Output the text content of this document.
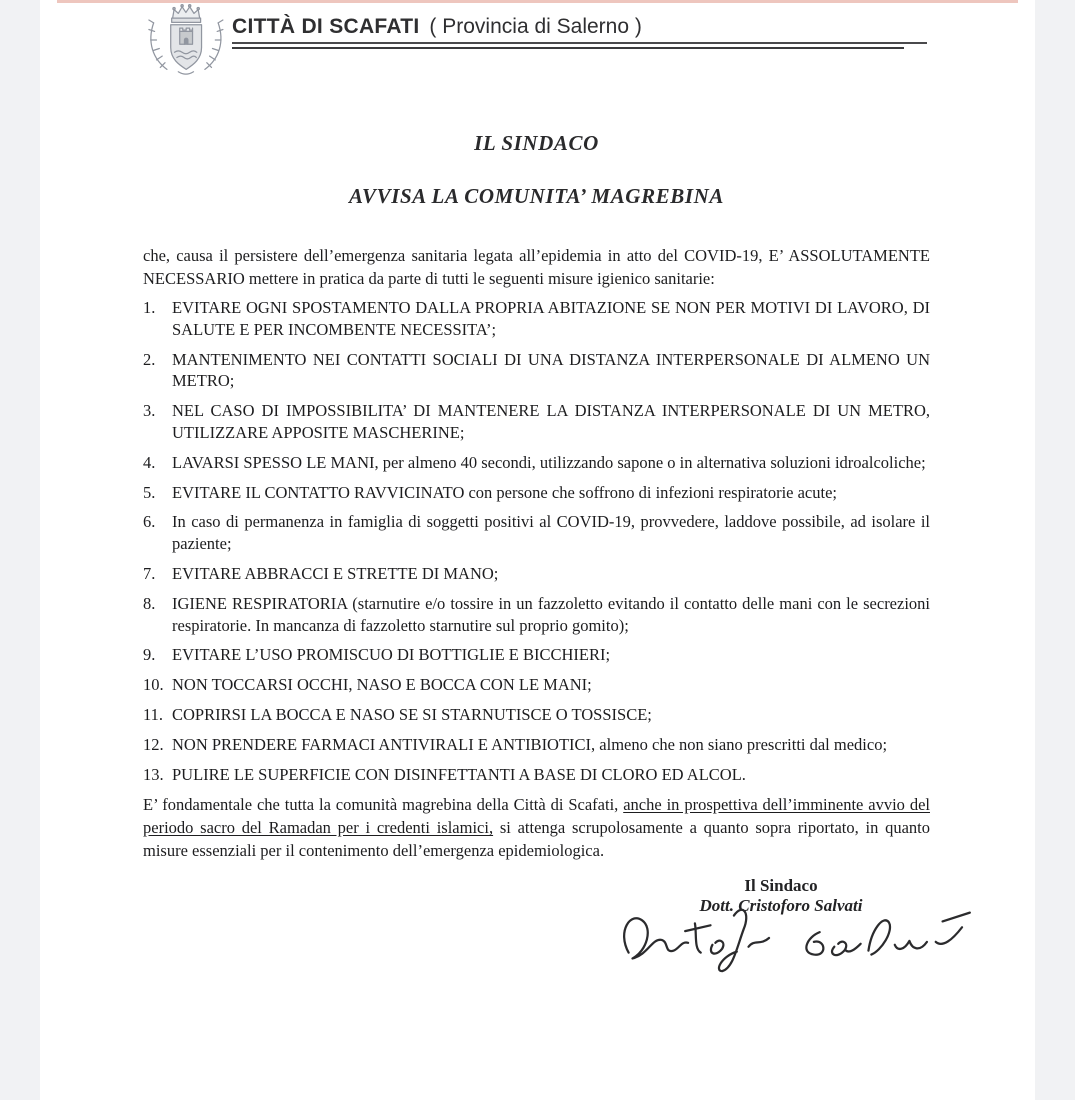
CITTÀ DI SCAFATI ( Provincia di Salerno )
IL SINDACO
AVVISA LA COMUNITA’ MAGREBINA

che, causa il persistere dell’emergenza sanitaria legata all’epidemia in atto del COVID-19, E’ ASSOLUTAMENTE NECESSARIO mettere in pratica da parte di tutti le seguenti misure igienico sanitarie:

1.	EVITARE OGNI SPOSTAMENTO DALLA PROPRIA ABITAZIONE SE NON PER MOTIVI DI LAVORO, DI SALUTE E PER INCOMBENTE NECESSITA’;
2.	MANTENIMENTO NEI CONTATTI SOCIALI DI UNA DISTANZA INTERPERSONALE DI ALMENO UN METRO;
3.	NEL CASO DI IMPOSSIBILITA’ DI MANTENERE LA DISTANZA INTERPERSONALE DI UN METRO, UTILIZZARE APPOSITE MASCHERINE;
4.	LAVARSI SPESSO LE MANI, per almeno 40 secondi, utilizzando sapone o in alternativa soluzioni idroalcoliche;
5.	EVITARE IL CONTATTO RAVVICINATO con persone che soffrono di infezioni respiratorie acute;
6.	In caso di permanenza in famiglia di soggetti positivi al COVID-19, provvedere, laddove possibile, ad isolare il paziente;
7.	EVITARE ABBRACCI E STRETTE DI MANO;
8.	IGIENE RESPIRATORIA (starnutire e/o tossire in un fazzoletto evitando il contatto delle mani con le secrezioni respiratorie. In mancanza di fazzoletto starnutire sul proprio gomito);
9.	EVITARE L’USO PROMISCUO DI BOTTIGLIE E BICCHIERI;
10. NON TOCCARSI OCCHI, NASO E BOCCA CON LE MANI;
11. COPRIRSI LA BOCCA E NASO SE SI STARNUTISCE O TOSSISCE;
12. NON PRENDERE FARMACI ANTIVIRALI E ANTIBIOTICI, almeno che non siano prescritti dal medico;
13. PULIRE LE SUPERFICIE CON DISINFETTANTI A BASE DI CLORO ED ALCOL.

E’ fondamentale che tutta la comunità magrebina della Città di Scafati, anche in prospettiva dell’imminente avvio del periodo sacro del Ramadan per i credenti islamici, si attenga scrupolosamente a quanto sopra riportato, in quanto misure essenziali per il contenimento dell’emergenza epidemiologica.

Il Sindaco
Dott. Cristoforo Salvati
